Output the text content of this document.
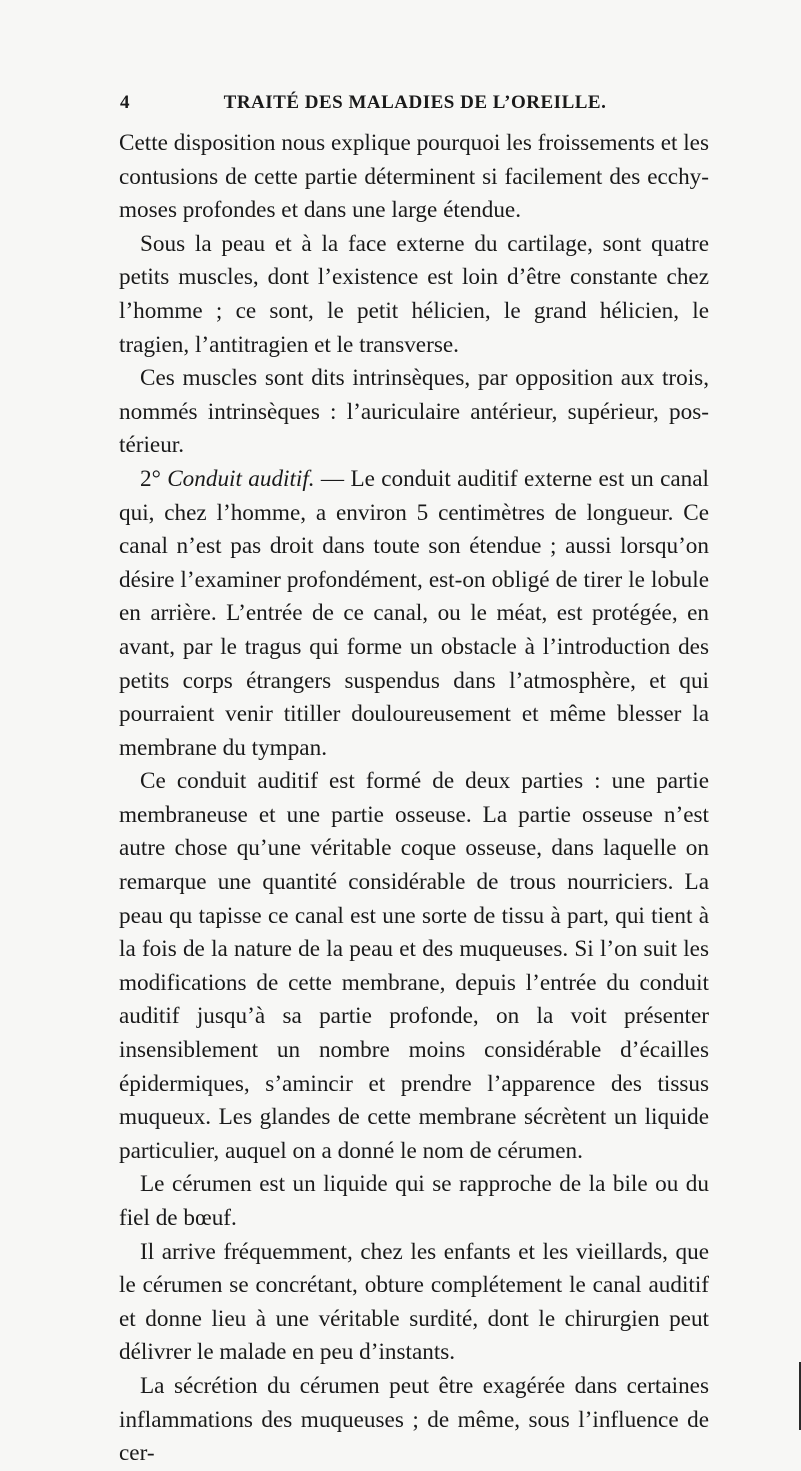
4	TRAITÉ DES MALADIES DE L’OREILLE.

Cette disposition nous explique pourquoi les froissements et les contusions de cette partie déterminent si facilement des ecchymoses profondes et dans une large étendue.

Sous la peau et à la face externe du cartilage, sont quatre petits muscles, dont l’existence est loin d’être constante chez l’homme ; ce sont, le petit hélicien, le grand hélicien, le tragien, l’antitragien et le transverse.

Ces muscles sont dits intrinsèques, par opposition aux trois, nommés intrinsèques : l’auriculaire antérieur, supérieur, postérieur.

2° Conduit auditif. — Le conduit auditif externe est un canal qui, chez l’homme, a environ 5 centimètres de longueur. Ce canal n’est pas droit dans toute son étendue ; aussi lorsqu’on désire l’examiner profondément, est-on obligé de tirer le lobule en arrière. L’entrée de ce canal, ou le méat, est protégée, en avant, par le tragus qui forme un obstacle à l’introduction des petits corps étrangers suspendus dans l’atmosphère, et qui pourraient venir titiller douloureusement et même blesser la membrane du tympan.

Ce conduit auditif est formé de deux parties : une partie membraneuse et une partie osseuse. La partie osseuse n’est autre chose qu’une véritable coque osseuse, dans laquelle on remarque une quantité considérable de trous nourriciers. La peau qu tapisse ce canal est une sorte de tissu à part, qui tient à la fois de la nature de la peau et des muqueuses. Si l’on suit les modifications de cette membrane, depuis l’entrée du conduit auditif jusqu’à sa partie profonde, on la voit présenter insensiblement un nombre moins considérable d’écailles épidermiques, s’amincir et prendre l’apparence des tissus muqueux. Les glandes de cette membrane sécrètent un liquide particulier, auquel on a donné le nom de cérumen.

Le cérumen est un liquide qui se rapproche de la bile ou du fiel de bœuf.

Il arrive fréquemment, chez les enfants et les vieillards, que le cérumen se concrétant, obture complétement le canal auditif et donne lieu à une véritable surdité, dont le chirurgien peut délivrer le malade en peu d’instants.

La sécrétion du cérumen peut être exagérée dans certaines inflammations des muqueuses ; de même, sous l’influence de cer-
